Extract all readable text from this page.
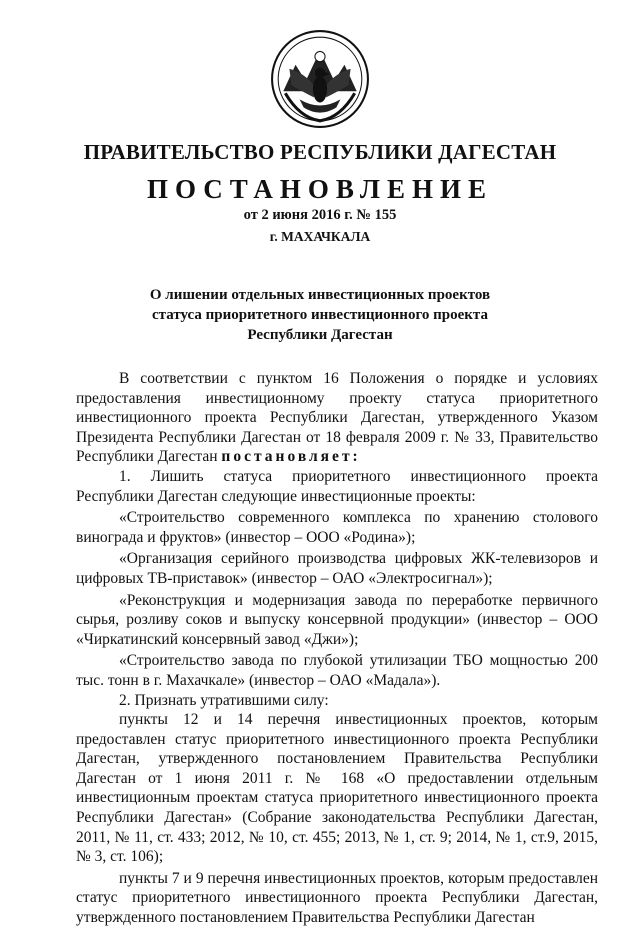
ПРАВИТЕЛЬСТВО РЕСПУБЛИКИ ДАГЕСТАН
ПОСТАНОВЛЕНИЕ
от 2 июня 2016 г. № 155
г. МАХАЧКАЛА
О лишении отдельных инвестиционных проектов
статуса приоритетного инвестиционного проекта
Республики Дагестан

В соответствии с пунктом 16 Положения о порядке и условиях предоставления инвестиционному проекту статуса приоритетного инвестиционного проекта Республики Дагестан, утвержденного Указом Президента Республики Дагестан от 18 февраля 2009 г. № 33, Правительство Республики Дагестан постановляет:

1. Лишить статуса приоритетного инвестиционного проекта Республики Дагестан следующие инвестиционные проекты:

«Строительство современного комплекса по хранению столового винограда и фруктов» (инвестор – ООО «Родина»);

«Организация серийного производства цифровых ЖК-телевизоров и цифровых ТВ-приставок» (инвестор – ОАО «Электросигнал»);

«Реконструкция и модернизация завода по переработке первичного сырья, розливу соков и выпуску консервной продукции» (инвестор – ООО «Чиркатинский консервный завод «Джи»);

«Строительство завода по глубокой утилизации ТБО мощностью 200 тыс. тонн в г. Махачкале» (инвестор – ОАО «Мадала»).

2. Признать утратившими силу:

пункты 12 и 14 перечня инвестиционных проектов, которым предоставлен статус приоритетного инвестиционного проекта Республики Дагестан, утвержденного постановлением Правительства Республики Дагестан от 1 июня 2011 г. № 168 «О предоставлении отдельным инвестиционным проектам статуса приоритетного инвестиционного проекта Республики Дагестан» (Собрание законодательства Республики Дагестан, 2011, № 11, ст. 433; 2012, № 10, ст. 455; 2013, № 1, ст. 9; 2014, № 1, ст.9, 2015, № 3, ст. 106);

пункты 7 и 9 перечня инвестиционных проектов, которым предоставлен статус приоритетного инвестиционного проекта Республики Дагестан, утвержденного постановлением Правительства Республики Дагестан
